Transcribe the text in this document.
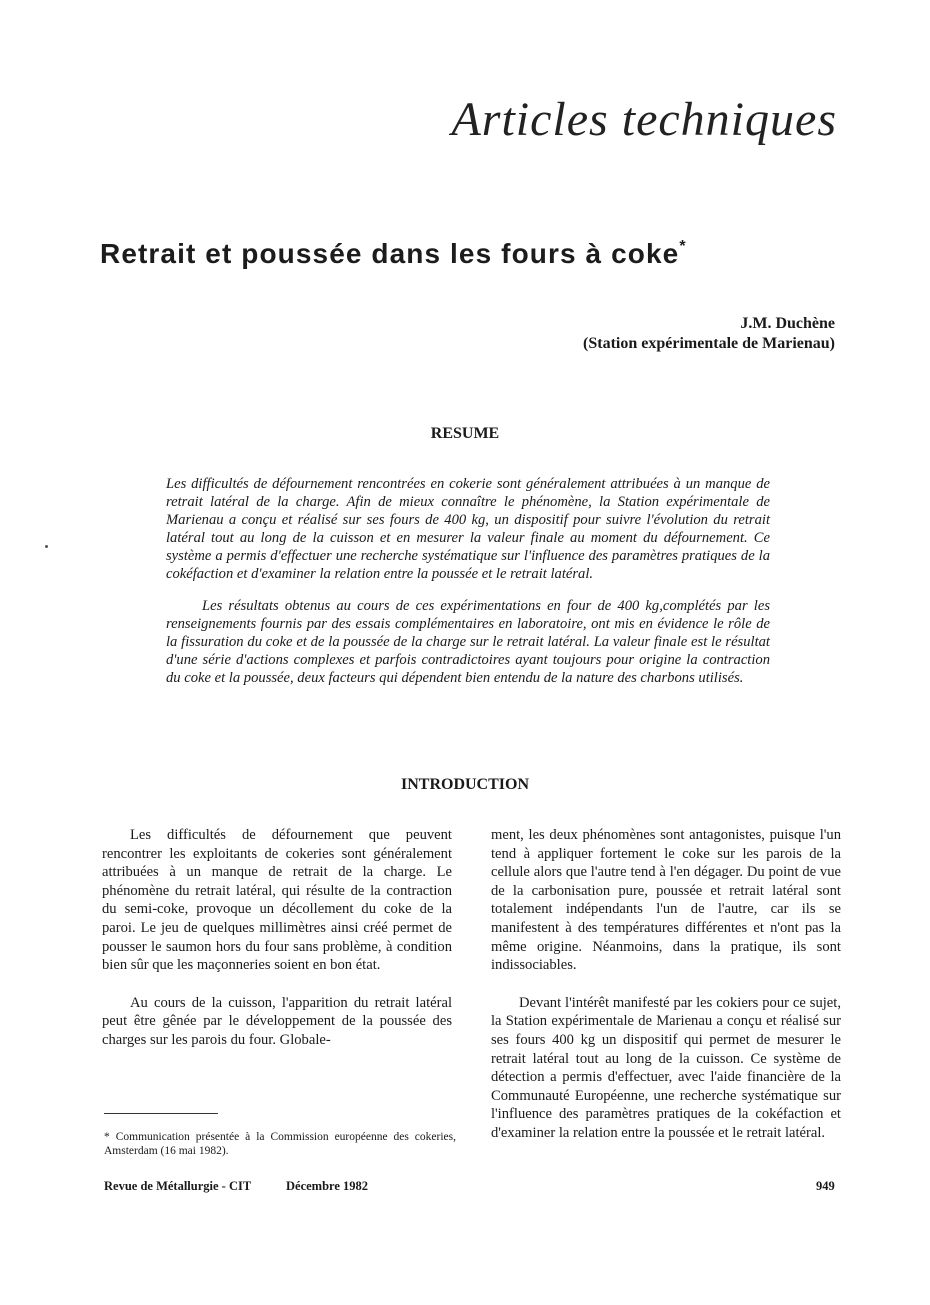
Articles techniques
Retrait et poussée dans les fours à coke*
J.M. Duchène
(Station expérimentale de Marienau)
RESUME

Les difficultés de défournement rencontrées en cokerie sont généralement attribuées à un manque de retrait latéral de la charge. Afin de mieux connaître le phénomène, la Station expérimentale de Marienau a conçu et réalisé sur ses fours de 400 kg, un dispositif pour suivre l'évolution du retrait latéral tout au long de la cuisson et en mesurer la valeur finale au moment du défournement. Ce système a permis d'effectuer une recherche systématique sur l'influence des paramètres pratiques de la cokéfaction et d'examiner la relation entre la poussée et le retrait latéral.

Les résultats obtenus au cours de ces expérimentations en four de 400 kg,complétés par les renseignements fournis par des essais complémentaires en laboratoire, ont mis en évidence le rôle de la fissuration du coke et de la poussée de la charge sur le retrait latéral. La valeur finale est le résultat d'une série d'actions complexes et parfois contradictoires ayant toujours pour origine la contraction du coke et la poussée, deux facteurs qui dépendent bien entendu de la nature des charbons utilisés.

INTRODUCTION

Les difficultés de défournement que peuvent rencontrer les exploitants de cokeries sont généralement attribuées à un manque de retrait de la charge. Le phénomène du retrait latéral, qui résulte de la contraction du semi-coke, provoque un décollement du coke de la paroi. Le jeu de quelques millimètres ainsi créé permet de pousser le saumon hors du four sans problème, à condition bien sûr que les maçonneries soient en bon état.

Au cours de la cuisson, l'apparition du retrait latéral peut être gênée par le développement de la poussée des charges sur les parois du four. Globale-

ment, les deux phénomènes sont antagonistes, puisque l'un tend à appliquer fortement le coke sur les parois de la cellule alors que l'autre tend à l'en dégager. Du point de vue de la carbonisation pure, poussée et retrait latéral sont totalement indépendants l'un de l'autre, car ils se manifestent à des températures différentes et n'ont pas la même origine. Néanmoins, dans la pratique, ils sont indissociables.

Devant l'intérêt manifesté par les cokiers pour ce sujet, la Station expérimentale de Marienau a conçu et réalisé sur ses fours 400 kg un dispositif qui permet de mesurer le retrait latéral tout au long de la cuisson. Ce système de détection a permis d'effectuer, avec l'aide financière de la Communauté Européenne, une recherche systématique sur l'influence des paramètres pratiques de la cokéfaction et d'examiner la relation entre la poussée et le retrait latéral.

* Communication présentée à la Commission européenne des cokeries, Amsterdam (16 mai 1982).
Revue de Métallurgie - CIT	Décembre 1982	949
